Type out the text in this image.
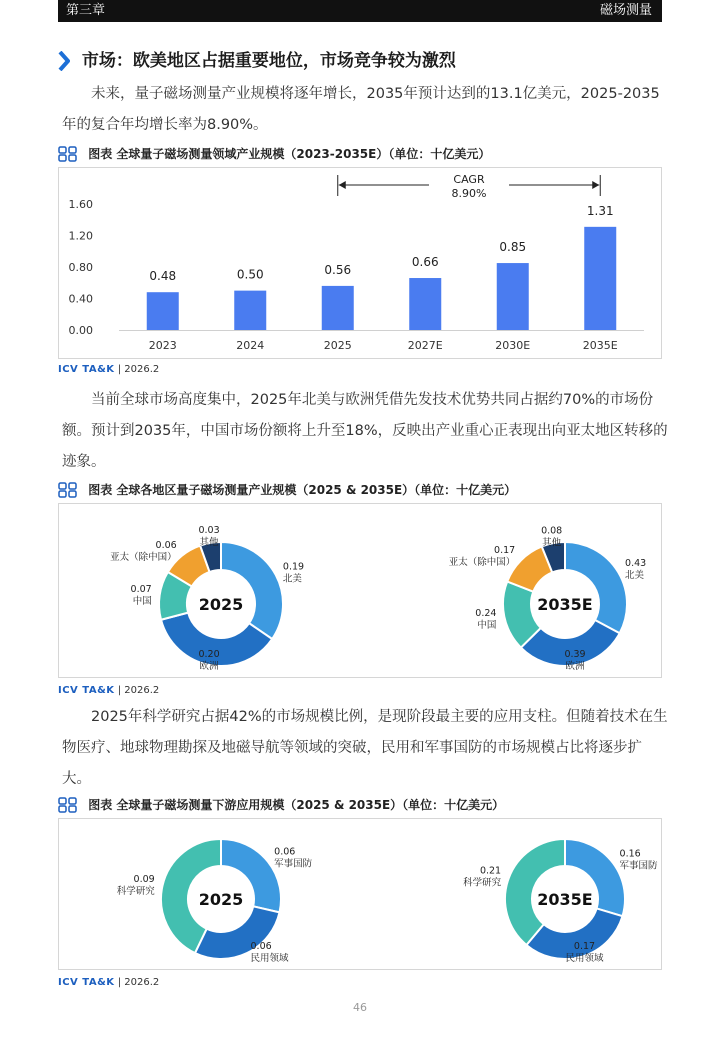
第三章	磁场测量
市场：欧美地区占据重要地位，市场竞争较为激烈

未来，量子磁场测量产业规模将逐年增长，2035年预计达到的13.1亿美元，2025-2035年的复合年均增长率为8.90%。

图表 全球量子磁场测量领域产业规模（2023-2035E）（单位：十亿美元）
0.00
0.40
0.80
1.20
1.60
0.48
2023
0.50
2024
0.56
2025
0.66
2027E
0.85
2030E
1.31
2035E
CAGR
8.90%
ICV TA&K | 2026.2

当前全球市场高度集中，2025年北美与欧洲凭借先发技术优势共同占据约70%的市场份额。预计到2035年，中国市场份额将上升至18%，反映出产业重心正表现出向亚太地区转移的迹象。

图表 全球各地区量子磁场测量产业规模（2025 & 2035E）（单位：十亿美元）
2025
0.19
北美
0.20
欧洲
0.07
中国
0.06
亚太（除中国）
0.03
其他
2035E
0.43
北美
0.39
欧洲
0.24
中国
0.17
亚太（除中国）
0.08
其他
ICV TA&K | 2026.2

2025年科学研究占据42%的市场规模比例，是现阶段最主要的应用支柱。但随着技术在生物医疗、地球物理勘探及地磁导航等领域的突破，民用和军事国防的市场规模占比将逐步扩大。

图表 全球量子磁场测量下游应用规模（2025 & 2035E）（单位：十亿美元）
2025
0.06
军事国防
0.06
民用领域
0.09
科学研究	2035E
0.16
军事国防
0.17
民用领域
0.21
科学研究
ICV TA&K | 2026.2
46
